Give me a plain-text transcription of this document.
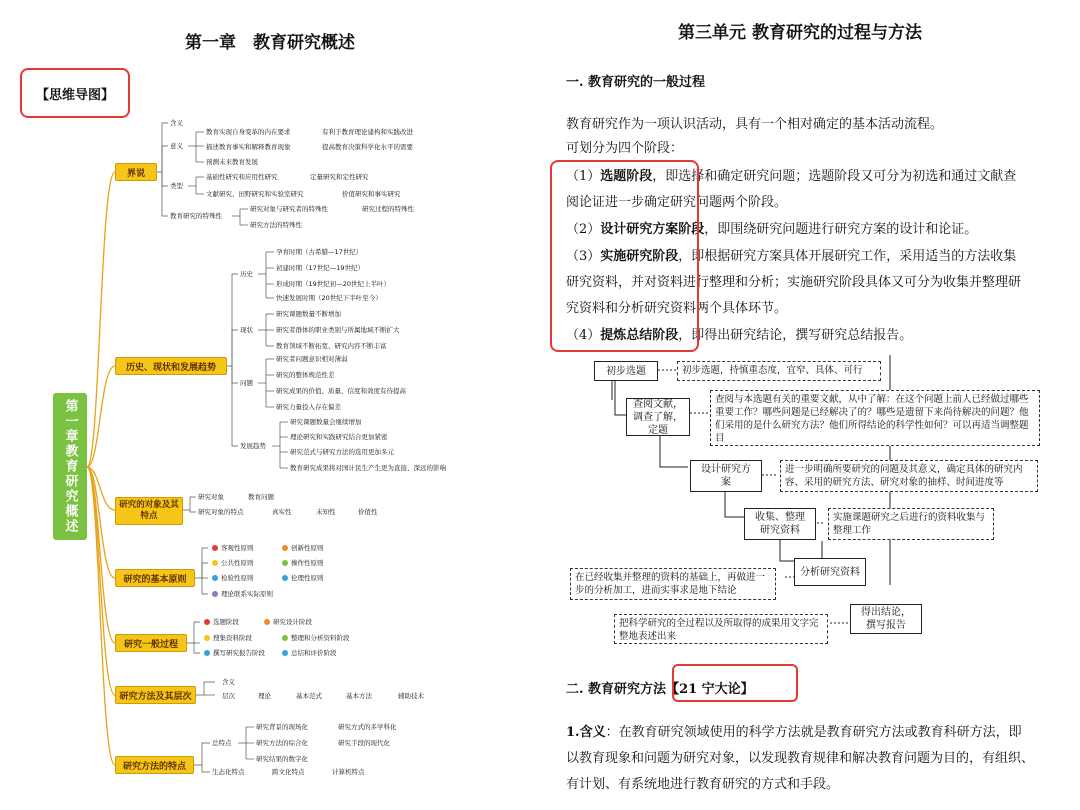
第一章　教育研究概述
【思维导图】
第一章教育研究概述
界说
历史、现状和发展趋势
研究的对象及其特点
研究的基本原则
研究一般过程
研究方法及其层次
研究方法的特点
含义
意义
教育实现自身变革的内在要求	有利于教育理论建构和实践改进
描述教育事实和解释教育现象	提高教育决策科学化水平的需要
预测未来教育发展
类型
基础性研究和应用性研究	定量研究和定性研究
文献研究、田野研究和实验室研究	价值研究和事实研究
教育研究的特殊性
研究对象与研究者的特殊性	研究过程的特殊性
研究方法的特殊性
历史
孕育时期（古希腊—17世纪）
初建时期（17世纪—19世纪）
形成时期（19世纪初—20世纪上半叶）
快速发展时期（20世纪下半叶至今）
现状
研究课题数量不断增加
研究者群体的职业类别与所属地域不断扩大
教育领域不断拓宽、研究内容不断丰富
问题
研究者问题意识相对薄弱
研究的整体规范性差
研究成果的价值、质量、信度和效度有待提高
研究力量投入存在偏差
发展趋势
研究课题数量会继续增加
理论研究和实践研究结合更加紧密
研究范式与研究方法的选用更加多元
教育研究成果将对国计民生产生更为直接、深远的影响
研究对象	教育问题
研究对象的特点	真实性	未知性	价值性
客观性原则	创新性原则
公共性原则	操作性原则
检验性原则	伦理性原则
理论联系实际原则
选题阶段	研究设计阶段
搜集资料阶段	整理和分析资料阶段
撰写研究报告阶段	总结和评价阶段
含义
层次	理论	基本范式	基本方法	辅助技术
总特点
研究背景的现场化	研究方式的多学科化
研究方法的综合化	研究手段的现代化
研究结果的数字化
生态化特点	跨文化特点	计算机特点
第三单元 教育研究的过程与方法
一. 教育研究的一般过程
教育研究作为一项认识活动，具有一个相对确定的基本活动流程。
可划分为四个阶段：
（1）选题阶段，即选择和确定研究问题；选题阶段又可分为初选和通过文献查
阅论证进一步确定研究问题两个阶段。
（2）设计研究方案阶段，即围绕研究问题进行研究方案的设计和论证。
（3）实施研究阶段，即根据研究方案具体开展研究工作，采用适当的方法收集
研究资料，并对资料进行整理和分析；实施研究阶段具体又可分为收集并整理研
究资料和分析研究资料两个具体环节。
（4）提炼总结阶段，即得出研究结论，撰写研究总结报告。
初步选题	初步选题，持慎重态度，宜窄、具体、可行
查阅文献，调查了解，定题
查阅与本选题有关的重要文献，从中了解：在这个问题上前人已经做过哪些重要工作？哪些问题是已经解决了的？哪些是遗留下来尚待解决的问题？他们采用的是什么研究方法？他们所得结论的科学性如何？可以再适当调整题目
设计研究方案
进一步明确所要研究的问题及其意义，确定具体的研究内容、采用的研究方法、研究对象的抽样、时间进度等
收集、整理研究资料
实施课题研究之后进行的资料收集与整理工作
分析研究资料
在已经收集并整理的资料的基础上，再做进一步的分析加工，进而实事求是地下结论
得出结论，撰写报告
把科学研究的全过程以及所取得的成果用文字完整地表述出来
二. 教育研究方法【21 宁大论】
1.含义：在教育研究领域使用的科学方法就是教育研究方法或教育科研方法，即
以教育现象和问题为研究对象，以发现教育规律和解决教育问题为目的，有组织、
有计划、有系统地进行教育研究的方式和手段。
